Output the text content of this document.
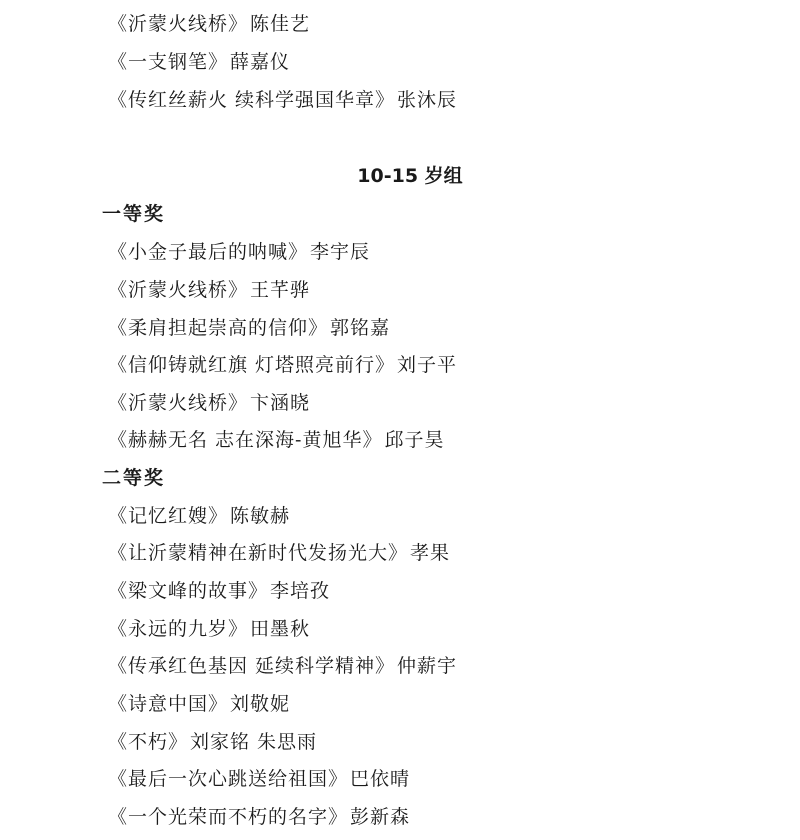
《沂蒙火线桥》 陈佳艺
《一支钢笔》 薛嘉仪
《传红丝薪火 续科学强国华章》 张沐辰
10-15 岁组
一等奖
《小金子最后的呐喊》 李宇辰
《沂蒙火线桥》 王芊骅
《柔肩担起崇高的信仰》 郭铭嘉
《信仰铸就红旗 灯塔照亮前行》 刘子平
《沂蒙火线桥》 卞涵晓
《赫赫无名 志在深海-黄旭华》 邱子昊
二等奖
《记忆红嫂》 陈敏赫
《让沂蒙精神在新时代发扬光大》 孝果
《梁文峰的故事》 李培孜
《永远的九岁》 田墨秋
《传承红色基因 延续科学精神》 仲薪宇
《诗意中国》 刘敬妮
《不朽》 刘家铭 朱思雨
《最后一次心跳送给祖国》 巴依晴
《一个光荣而不朽的名字》 彭新森
